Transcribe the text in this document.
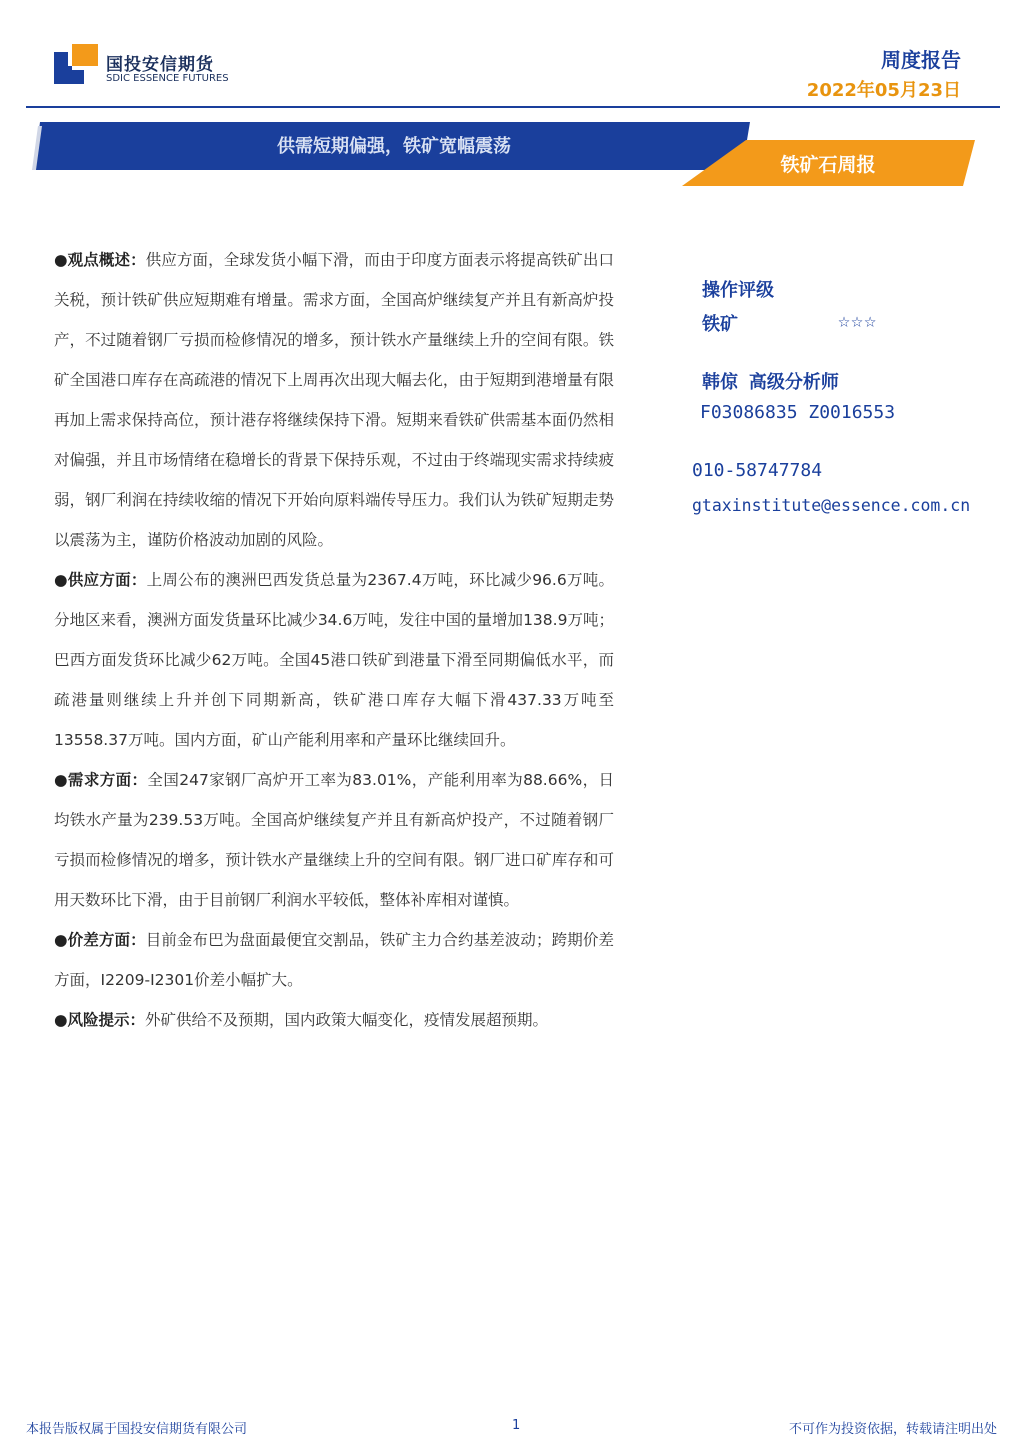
国投安信期货
SDIC ESSENCE FUTURES
周度报告
2022年05月23日
供需短期偏强，铁矿宽幅震荡
铁矿石周报

●观点概述：供应方面，全球发货小幅下滑，而由于印度方面表示将提高铁矿出口关税，预计铁矿供应短期难有增量。需求方面，全国高炉继续复产并且有新高炉投产，不过随着钢厂亏损而检修情况的增多，预计铁水产量继续上升的空间有限。铁矿全国港口库存在高疏港的情况下上周再次出现大幅去化，由于短期到港增量有限再加上需求保持高位，预计港存将继续保持下滑。短期来看铁矿供需基本面仍然相对偏强，并且市场情绪在稳增长的背景下保持乐观，不过由于终端现实需求持续疲弱，钢厂利润在持续收缩的情况下开始向原料端传导压力。我们认为铁矿短期走势以震荡为主，谨防价格波动加剧的风险。

●供应方面：上周公布的澳洲巴西发货总量为2367.4万吨，环比减少96.6万吨。分地区来看，澳洲方面发货量环比减少34.6万吨，发往中国的量增加138.9万吨；巴西方面发货环比减少62万吨。全国45港口铁矿到港量下滑至同期偏低水平，而疏港量则继续上升并创下同期新高，铁矿港口库存大幅下滑437.33万吨至13558.37万吨。国内方面，矿山产能利用率和产量环比继续回升。

●需求方面：全国247家钢厂高炉开工率为83.01%，产能利用率为88.66%，日均铁水产量为239.53万吨。全国高炉继续复产并且有新高炉投产，不过随着钢厂亏损而检修情况的增多，预计铁水产量继续上升的空间有限。钢厂进口矿库存和可用天数环比下滑，由于目前钢厂利润水平较低，整体补库相对谨慎。

●价差方面：目前金布巴为盘面最便宜交割品，铁矿主力合约基差波动；跨期价差方面，I2209-I2301价差小幅扩大。

●风险提示：外矿供给不及预期，国内政策大幅变化，疫情发展超预期。

操作评级
铁矿	☆☆☆
韩倞 高级分析师
F03086835 Z0016553
010-58747784
gtaxinstitute@essence.com.cn
本报告版权属于国投安信期货有限公司	1	不可作为投资依据，转载请注明出处
